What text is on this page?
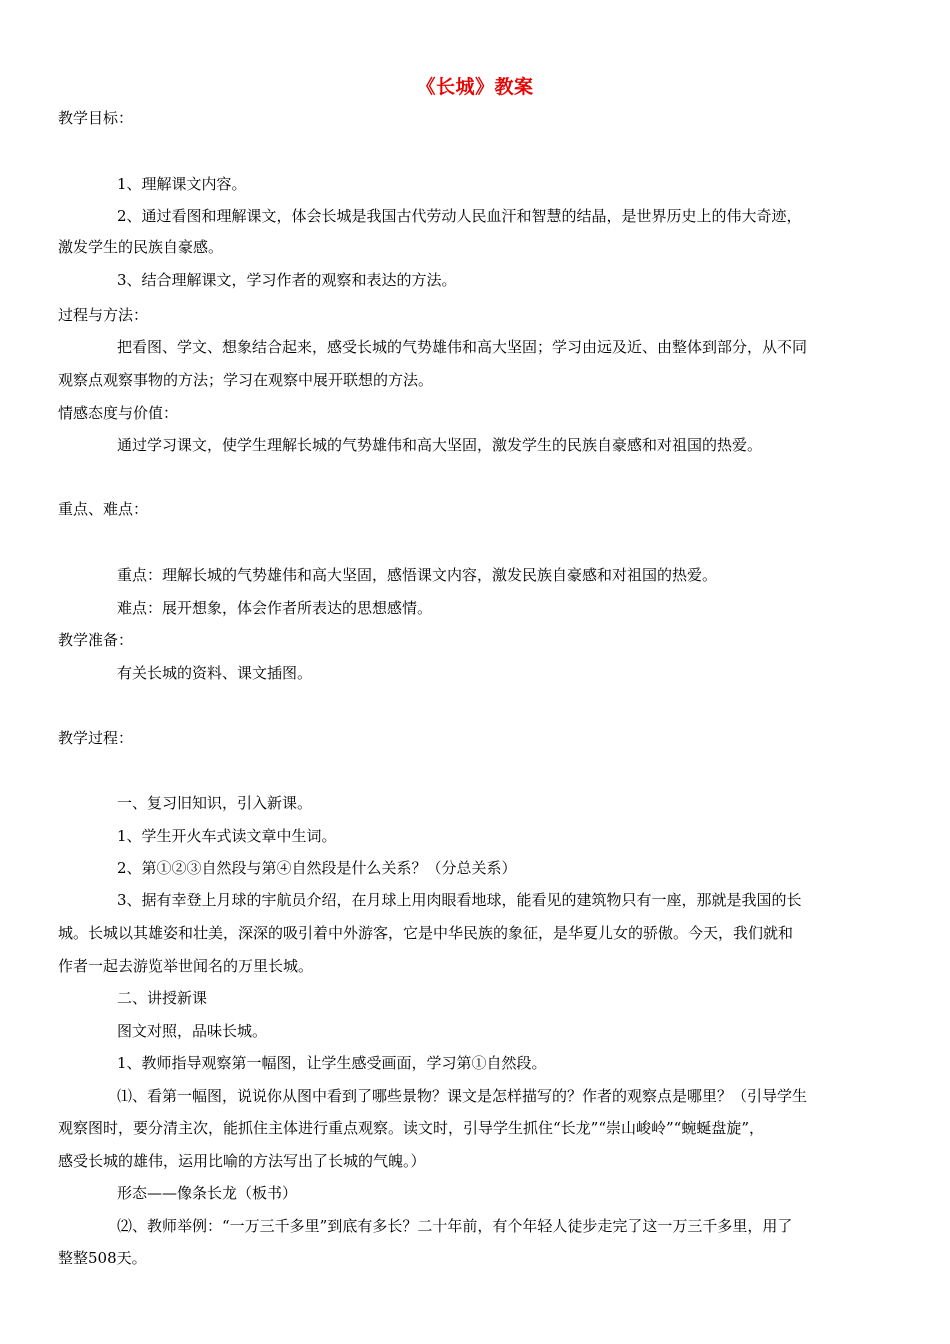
《长城》教案
教学目标：
1、理解课文内容。
2、通过看图和理解课文，体会长城是我国古代劳动人民血汗和智慧的结晶，是世界历史上的伟大奇迹，
激发学生的民族自豪感。
3、结合理解课文，学习作者的观察和表达的方法。
过程与方法：
把看图、学文、想象结合起来，感受长城的气势雄伟和高大坚固；学习由远及近、由整体到部分，从不同
观察点观察事物的方法；学习在观察中展开联想的方法。
情感态度与价值：
通过学习课文，使学生理解长城的气势雄伟和高大坚固，激发学生的民族自豪感和对祖国的热爱。
重点、难点：
重点：理解长城的气势雄伟和高大坚固，感悟课文内容，激发民族自豪感和对祖国的热爱。
难点：展开想象，体会作者所表达的思想感情。
教学准备：
有关长城的资料、课文插图。
教学过程：
一、复习旧知识，引入新课。
1、学生开火车式读文章中生词。
2、第①②③自然段与第④自然段是什么关系？（分总关系）
3、据有幸登上月球的宇航员介绍，在月球上用肉眼看地球，能看见的建筑物只有一座，那就是我国的长
城。长城以其雄姿和壮美，深深的吸引着中外游客，它是中华民族的象征，是华夏儿女的骄傲。今天，我们就和
作者一起去游览举世闻名的万里长城。
二、讲授新课
图文对照，品味长城。
1、教师指导观察第一幅图，让学生感受画面，学习第①自然段。
⑴、看第一幅图，说说你从图中看到了哪些景物？课文是怎样描写的？作者的观察点是哪里？（引导学生
观察图时，要分清主次，能抓住主体进行重点观察。读文时，引导学生抓住“长龙”“崇山峻岭”“蜿蜒盘旋”，
感受长城的雄伟，运用比喻的方法写出了长城的气魄。）
形态——像条长龙（板书）
⑵、教师举例：“一万三千多里”到底有多长？二十年前，有个年轻人徒步走完了这一万三千多里，用了
整整508天。
